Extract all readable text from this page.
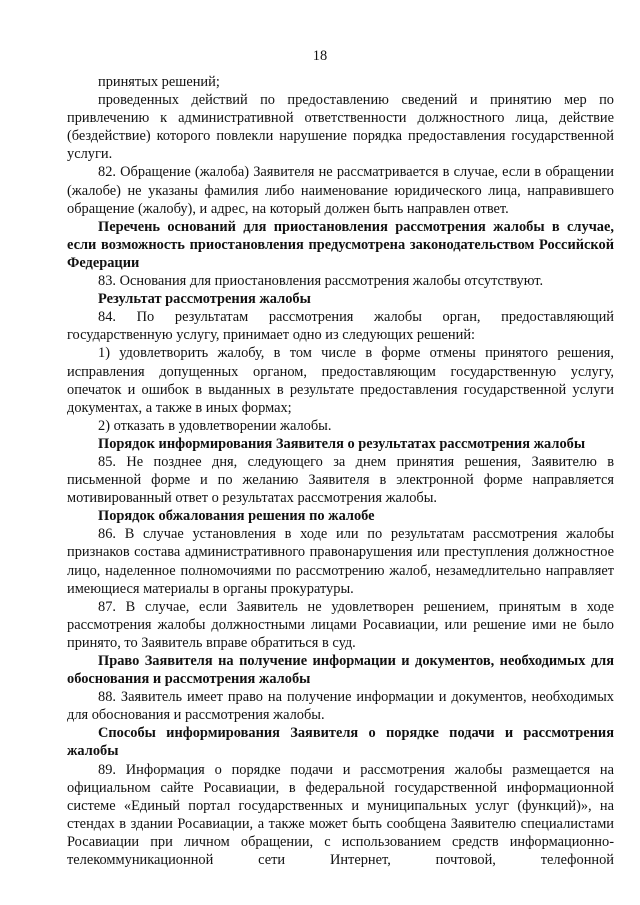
18

принятых решений;

проведенных действий по предоставлению сведений и принятию мер по привлечению к административной ответственности должностного лица, действие (бездействие) которого повлекли нарушение порядка предоставления государственной услуги.

82. Обращение (жалоба) Заявителя не рассматривается в случае, если в обращении (жалобе) не указаны фамилия либо наименование юридического лица, направившего обращение (жалобу), и адрес, на который должен быть направлен ответ.

Перечень оснований для приостановления рассмотрения жалобы в случае, если возможность приостановления предусмотрена законодательством Российской Федерации

83. Основания для приостановления рассмотрения жалобы отсутствуют.

Результат рассмотрения жалобы

84. По результатам рассмотрения жалобы орган, предоставляющий государственную услугу, принимает одно из следующих решений:

1) удовлетворить жалобу, в том числе в форме отмены принятого решения, исправления допущенных органом, предоставляющим государственную услугу, опечаток и ошибок в выданных в результате предоставления государственной услуги документах, а также в иных формах;

2) отказать в удовлетворении жалобы.

Порядок информирования Заявителя о результатах рассмотрения жалобы

85. Не позднее дня, следующего за днем принятия решения, Заявителю в письменной форме и по желанию Заявителя в электронной форме направляется мотивированный ответ о результатах рассмотрения жалобы.

Порядок обжалования решения по жалобе

86. В случае установления в ходе или по результатам рассмотрения жалобы признаков состава административного правонарушения или преступления должностное лицо, наделенное полномочиями по рассмотрению жалоб, незамедлительно направляет имеющиеся материалы в органы прокуратуры.

87. В случае, если Заявитель не удовлетворен решением, принятым в ходе рассмотрения жалобы должностными лицами Росавиации, или решение ими не было принято, то Заявитель вправе обратиться в суд.

Право Заявителя на получение информации и документов, необходимых для обоснования и рассмотрения жалобы

88. Заявитель имеет право на получение информации и документов, необходимых для обоснования и рассмотрения жалобы.

Способы информирования Заявителя о порядке подачи и рассмотрения жалобы

89. Информация о порядке подачи и рассмотрения жалобы размещается на официальном сайте Росавиации, в федеральной государственной информационной системе «Единый портал государственных и муниципальных услуг (функций)», на стендах в здании Росавиации, а также может быть сообщена Заявителю специалистами Росавиации при личном обращении, с использованием средств информационно-телекоммуникационной сети Интернет, почтовой, телефонной
